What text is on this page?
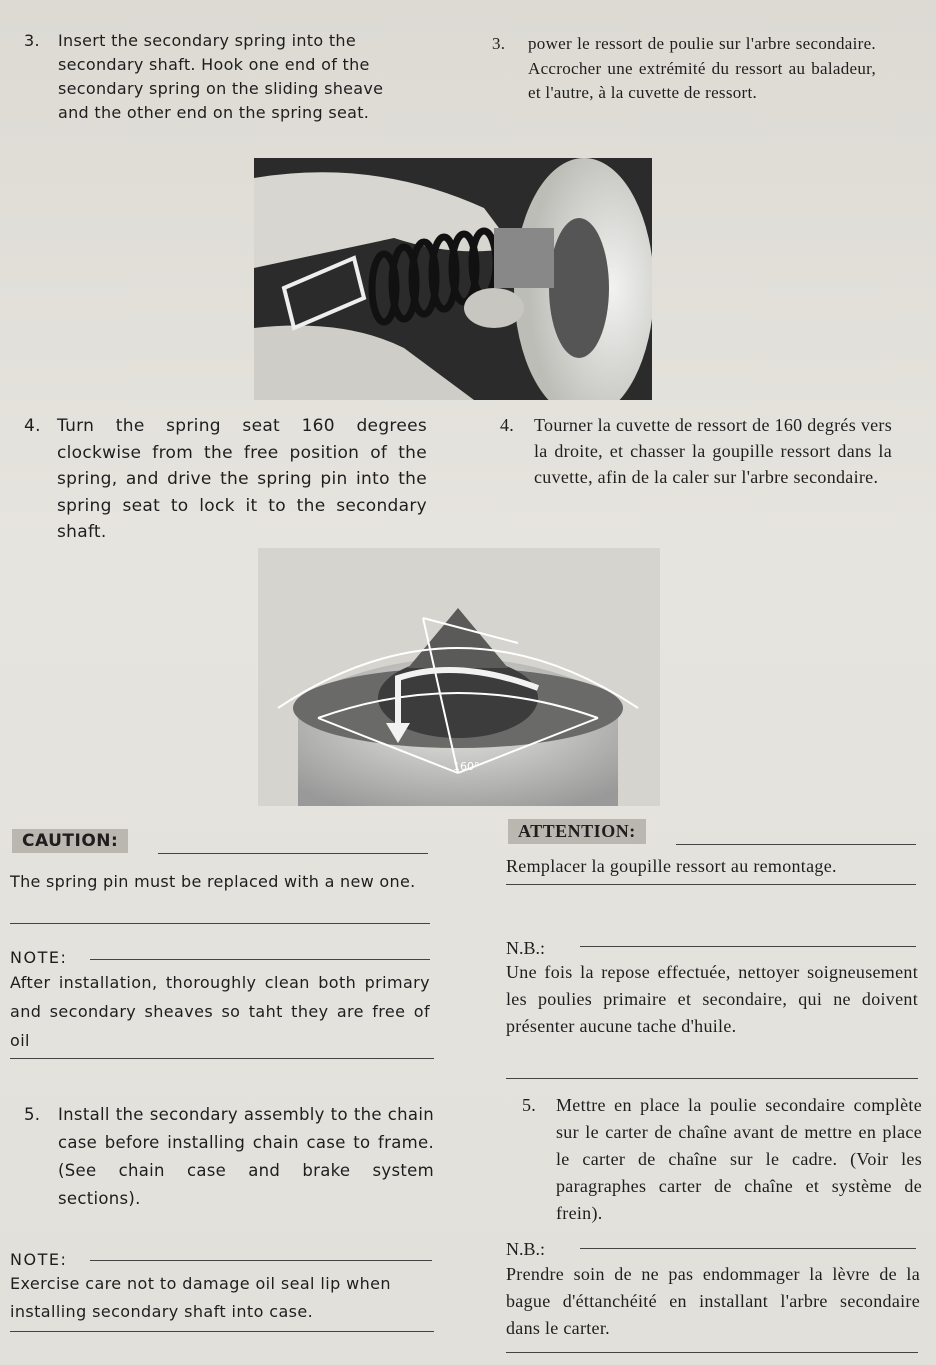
3. Insert the secondary spring into the secondary shaft. Hook one end of the secondary spring on the sliding sheave and the other end on the spring seat.
3. power le ressort de poulie sur l'arbre secondaire. Accrocher une extrémité du ressort au baladeur, et l'autre, à la cuvette de ressort.
4. Turn the spring seat 160 degrees clockwise from the free position of the spring, and drive the spring pin into the spring seat to lock it to the secondary shaft.
4. Tourner la cuvette de ressort de 160 degrés vers la droite, et chasser la goupille ressort dans la cuvette, afin de la caler sur l'arbre secondaire.
160°
CAUTION:
The spring pin must be replaced with a new one.
ATTENTION:
Remplacer la goupille ressort au remontage.
NOTE:
After installation, thoroughly clean both primary and secondary sheaves so taht they are free of oil
N.B.:
Une fois la repose effectuée, nettoyer soigneusement les poulies primaire et secondaire, qui ne doivent présenter aucune tache d'huile.
5. Install the secondary assembly to the chain case before installing chain case to frame. (See chain case and brake system sections).
5. Mettre en place la poulie secondaire complète sur le carter de chaîne avant de mettre en place le carter de chaîne sur le cadre. (Voir les paragraphes carter de chaîne et système de frein).
NOTE:
Exercise care not to damage oil seal lip when installing secondary shaft into case.
N.B.:
Prendre soin de ne pas endommager la lèvre de la bague d'éttanchéité en installant l'arbre secondaire dans le carter.
